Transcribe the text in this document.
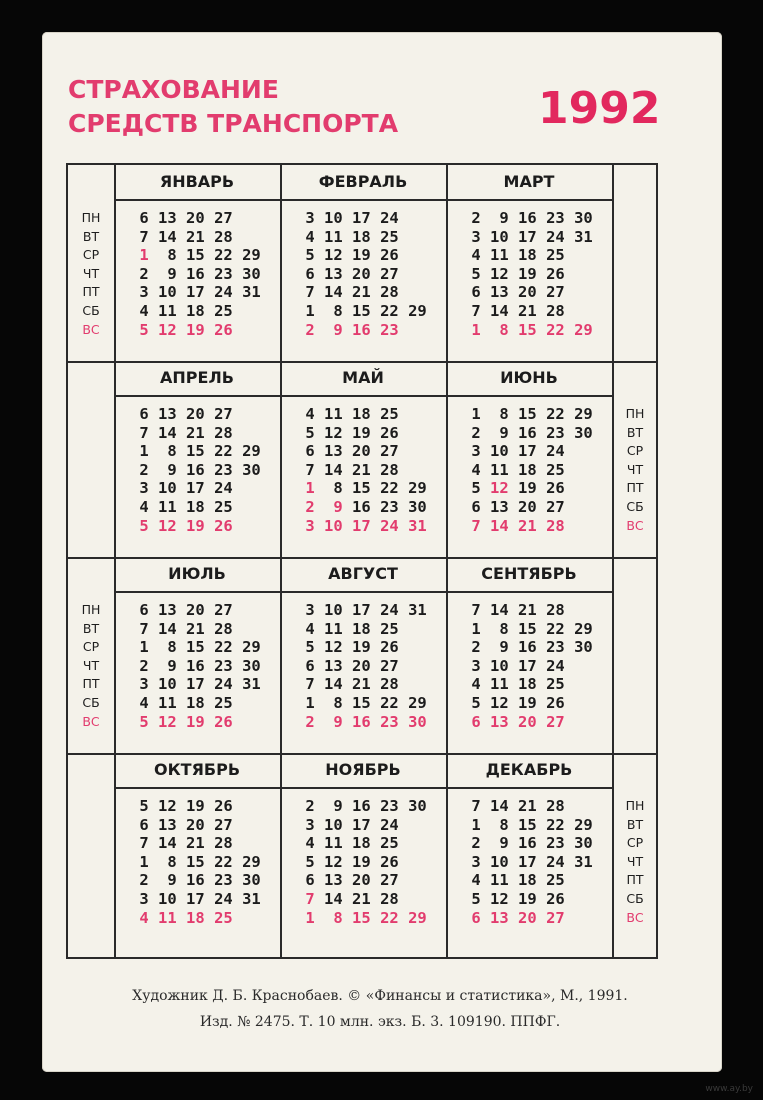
СТРАХОВАНИЕ
СРЕДСТВ ТРАНСПОРТА	1992
ПН
ВТ
СР
ЧТ
ПТ
СБ
ВС
ПН
ВТ
СР
ЧТ
ПТ
СБ
ВС
ПН
ВТ
СР
ЧТ
ПТ
СБ
ВС
ПН
ВТ
СР
ЧТ
ПТ
СБ
ВС
ЯНВАРЬ
6 13 20 27
7 14 21 28
1 8 15 22 29
2 9 16 23 30
3 10 17 24 31
4 11 18 25
5 12 19 26
ФЕВРАЛЬ
3 10 17 24
4 11 18 25
5 12 19 26
6 13 20 27
7 14 21 28
1 8 15 22 29
2 9 16 23
МАРТ
2 9 16 23 30
3 10 17 24 31
4 11 18 25
5 12 19 26
6 13 20 27
7 14 21 28
1 8 15 22 29
АПРЕЛЬ
6 13 20 27
7 14 21 28
1 8 15 22 29
2 9 16 23 30
3 10 17 24
4 11 18 25
5 12 19 26
МАЙ
4 11 18 25
5 12 19 26
6 13 20 27
7 14 21 28
1 8 15 22 29
2 9 16 23 30
3 10 17 24 31
ИЮНЬ
1 8 15 22 29
2 9 16 23 30
3 10 17 24
4 11 18 25
5 12 19 26
6 13 20 27
7 14 21 28
ИЮЛЬ
6 13 20 27
7 14 21 28
1 8 15 22 29
2 9 16 23 30
3 10 17 24 31
4 11 18 25
5 12 19 26
АВГУСТ
3 10 17 24 31
4 11 18 25
5 12 19 26
6 13 20 27
7 14 21 28
1 8 15 22 29
2 9 16 23 30
СЕНТЯБРЬ
7 14 21 28
1 8 15 22 29
2 9 16 23 30
3 10 17 24
4 11 18 25
5 12 19 26
6 13 20 27
ОКТЯБРЬ
5 12 19 26
6 13 20 27
7 14 21 28
1 8 15 22 29
2 9 16 23 30
3 10 17 24 31
4 11 18 25
НОЯБРЬ
2 9 16 23 30
3 10 17 24
4 11 18 25
5 12 19 26
6 13 20 27
7 14 21 28
1 8 15 22 29
ДЕКАБРЬ
7 14 21 28
1 8 15 22 29
2 9 16 23 30
3 10 17 24 31
4 11 18 25
5 12 19 26
6 13 20 27
Художник Д. Б. Краснобаев. © «Финансы и статистика», М., 1991.
Изд. № 2475. Т. 10 млн. экз. Б. 3. 109190. ППФГ.
www.ay.by
